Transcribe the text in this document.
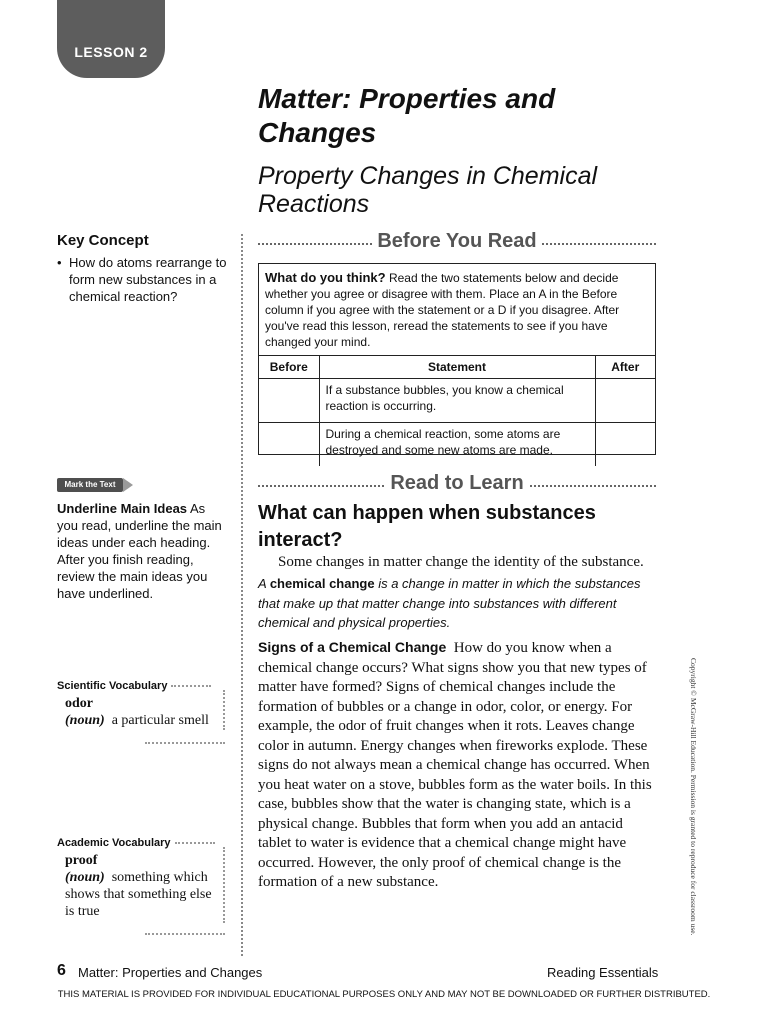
LESSON 2
Matter: Properties and Changes
Property Changes in Chemical Reactions
Key Concept
• How do atoms rearrange to form new substances in a chemical reaction?
Mark the Text
Underline Main Ideas As you read, underline the main ideas under each heading. After you finish reading, review the main ideas you have underlined.
Scientific Vocabulary
odor
(noun) a particular smell
Academic Vocabulary
proof
(noun) something which shows that something else is true
Before You Read
What do you think? Read the two statements below and decide whether you agree or disagree with them. Place an A in the Before column if you agree with the statement or a D if you disagree. After you've read this lesson, reread the statements to see if you have changed your mind.
Before	Statement	After
	If a substance bubbles, you know a chemical reaction is occurring.	
	During a chemical reaction, some atoms are destroyed and some new atoms are made.	
Read to Learn
What can happen when substances interact?
Some changes in matter change the identity of the substance.
A chemical change is a change in matter in which the substances that make up that matter change into substances with different chemical and physical properties.
Signs of a Chemical Change How do you know when a chemical change occurs? What signs show you that new types of matter have formed? Signs of chemical changes include the formation of bubbles or a change in odor, color, or energy. For example, the odor of fruit changes when it rots. Leaves change color in autumn. Energy changes when fireworks explode. These signs do not always mean a chemical change has occurred. When you heat water on a stove, bubbles form as the water boils. In this case, bubbles show that the water is changing state, which is a physical change. Bubbles that form when you add an antacid tablet to water is evidence that a chemical change might have occurred. However, the only proof of chemical change is the formation of a new substance.	Copyright © McGraw-Hill Education. Permission is granted to reproduce for classroom use.
6 Matter: Properties and Changes	Reading Essentials
THIS MATERIAL IS PROVIDED FOR INDIVIDUAL EDUCATIONAL PURPOSES ONLY AND MAY NOT BE DOWNLOADED OR FURTHER DISTRIBUTED.
